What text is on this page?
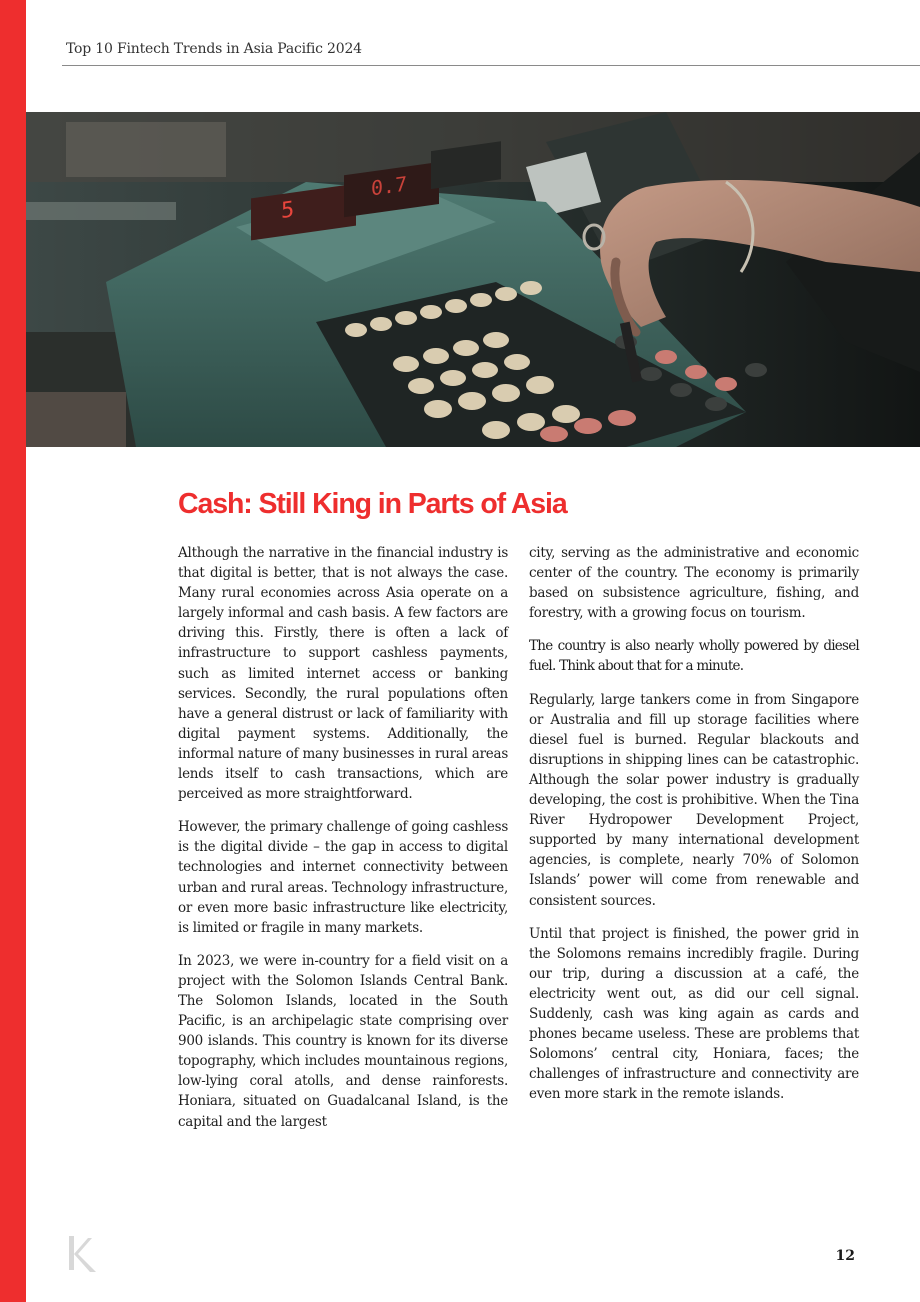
Top 10 Fintech Trends in Asia Pacific 2024
5
0.7
Cash: Still King in Parts of Asia

Although the narrative in the financial industry is that digital is better, that is not always the case. Many rural economies across Asia operate on a largely informal and cash basis. A few factors are driving this. Firstly, there is often a lack of infrastructure to support cashless payments, such as limited internet access or banking services. Secondly, the rural populations often have a general distrust or lack of familiarity with digital payment systems. Additionally, the informal nature of many businesses in rural areas lends itself to cash transactions, which are perceived as more straightforward.

However, the primary challenge of going cashless is the digital divide – the gap in access to digital technologies and internet connectivity between urban and rural areas. Technology infrastructure, or even more basic infrastructure like electricity, is limited or fragile in many markets.

In 2023, we were in-country for a field visit on a project with the Solomon Islands Central Bank. The Solomon Islands, located in the South Pacific, is an archipelagic state comprising over 900 islands. This country is known for its diverse topography, which includes mountainous regions, low-lying coral atolls, and dense rainforests. Honiara, situated on Guadalcanal Island, is the capital and the largest

city, serving as the administrative and economic center of the country. The economy is primarily based on subsistence agriculture, fishing, and forestry, with a growing focus on tourism.

The country is also nearly wholly powered by diesel fuel. Think about that for a minute.

Regularly, large tankers come in from Singapore or Australia and fill up storage facilities where diesel fuel is burned. Regular blackouts and disruptions in shipping lines can be catastrophic. Although the solar power industry is gradually developing, the cost is prohibitive. When the Tina River Hydropower Development Project, supported by many international development agencies, is complete, nearly 70% of Solomon Islands’ power will come from renewable and consistent sources.

Until that project is finished, the power grid in the Solomons remains incredibly fragile. During our trip, during a discussion at a café, the electricity went out, as did our cell signal. Suddenly, cash was king again as cards and phones became useless. These are problems that Solomons’ central city, Honiara, faces; the challenges of infrastructure and connectivity are even more stark in the remote islands.

12
